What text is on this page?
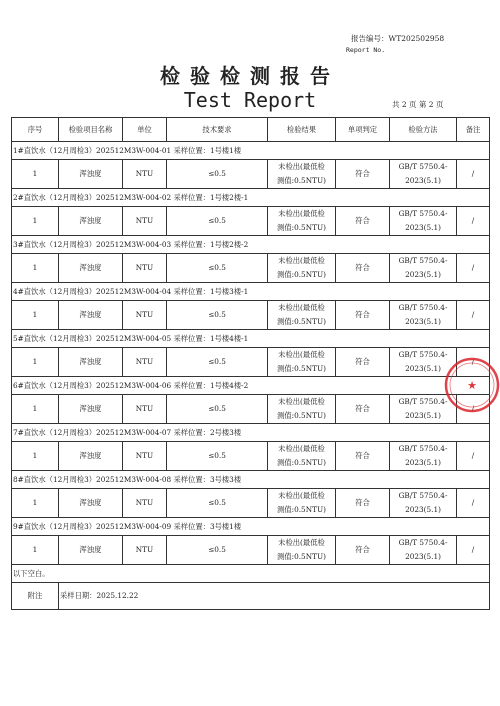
报告编号：WT202502958
Report No.
检验检测报告
Test Report	共 2 页 第 2 页
序号	检验项目名称	单位	技术要求	检验结果	单项判定	检验方法	备注
1#直饮水（12月周检3）202512M3W-004-01 采样位置：1号楼1楼							
1	浑浊度	NTU	≤0.5	未检出(最低检
测值:0.5NTU)	符合	GB/T 5750.4-
2023(5.1)	/
2#直饮水（12月周检3）202512M3W-004-02 采样位置：1号楼2楼-1							
1	浑浊度	NTU	≤0.5	未检出(最低检
测值:0.5NTU)	符合	GB/T 5750.4-
2023(5.1)	/
3#直饮水（12月周检3）202512M3W-004-03 采样位置：1号楼2楼-2							
1	浑浊度	NTU	≤0.5	未检出(最低检
测值:0.5NTU)	符合	GB/T 5750.4-
2023(5.1)	/
4#直饮水（12月周检3）202512M3W-004-04 采样位置：1号楼3楼-1							
1	浑浊度	NTU	≤0.5	未检出(最低检
测值:0.5NTU)	符合	GB/T 5750.4-
2023(5.1)	/
5#直饮水（12月周检3）202512M3W-004-05 采样位置：1号楼4楼-1							
1	浑浊度	NTU	≤0.5	未检出(最低检
测值:0.5NTU)	符合	GB/T 5750.4-
2023(5.1)	/
6#直饮水（12月周检3）202512M3W-004-06 采样位置：1号楼4楼-2							
1	浑浊度	NTU	≤0.5	未检出(最低检
测值:0.5NTU)	符合	GB/T 5750.4-
2023(5.1)	/
7#直饮水（12月周检3）202512M3W-004-07 采样位置：2号楼3楼							
1	浑浊度	NTU	≤0.5	未检出(最低检
测值:0.5NTU)	符合	GB/T 5750.4-
2023(5.1)	/
8#直饮水（12月周检3）202512M3W-004-08 采样位置：3号楼3楼							
1	浑浊度	NTU	≤0.5	未检出(最低检
测值:0.5NTU)	符合	GB/T 5750.4-
2023(5.1)	/
9#直饮水（12月周检3）202512M3W-004-09 采样位置：3号楼1楼							
1	浑浊度	NTU	≤0.5	未检出(最低检
测值:0.5NTU)	符合	GB/T 5750.4-
2023(5.1)	/
以下空白。							
附注	采样日期：2025.12.22						
★
